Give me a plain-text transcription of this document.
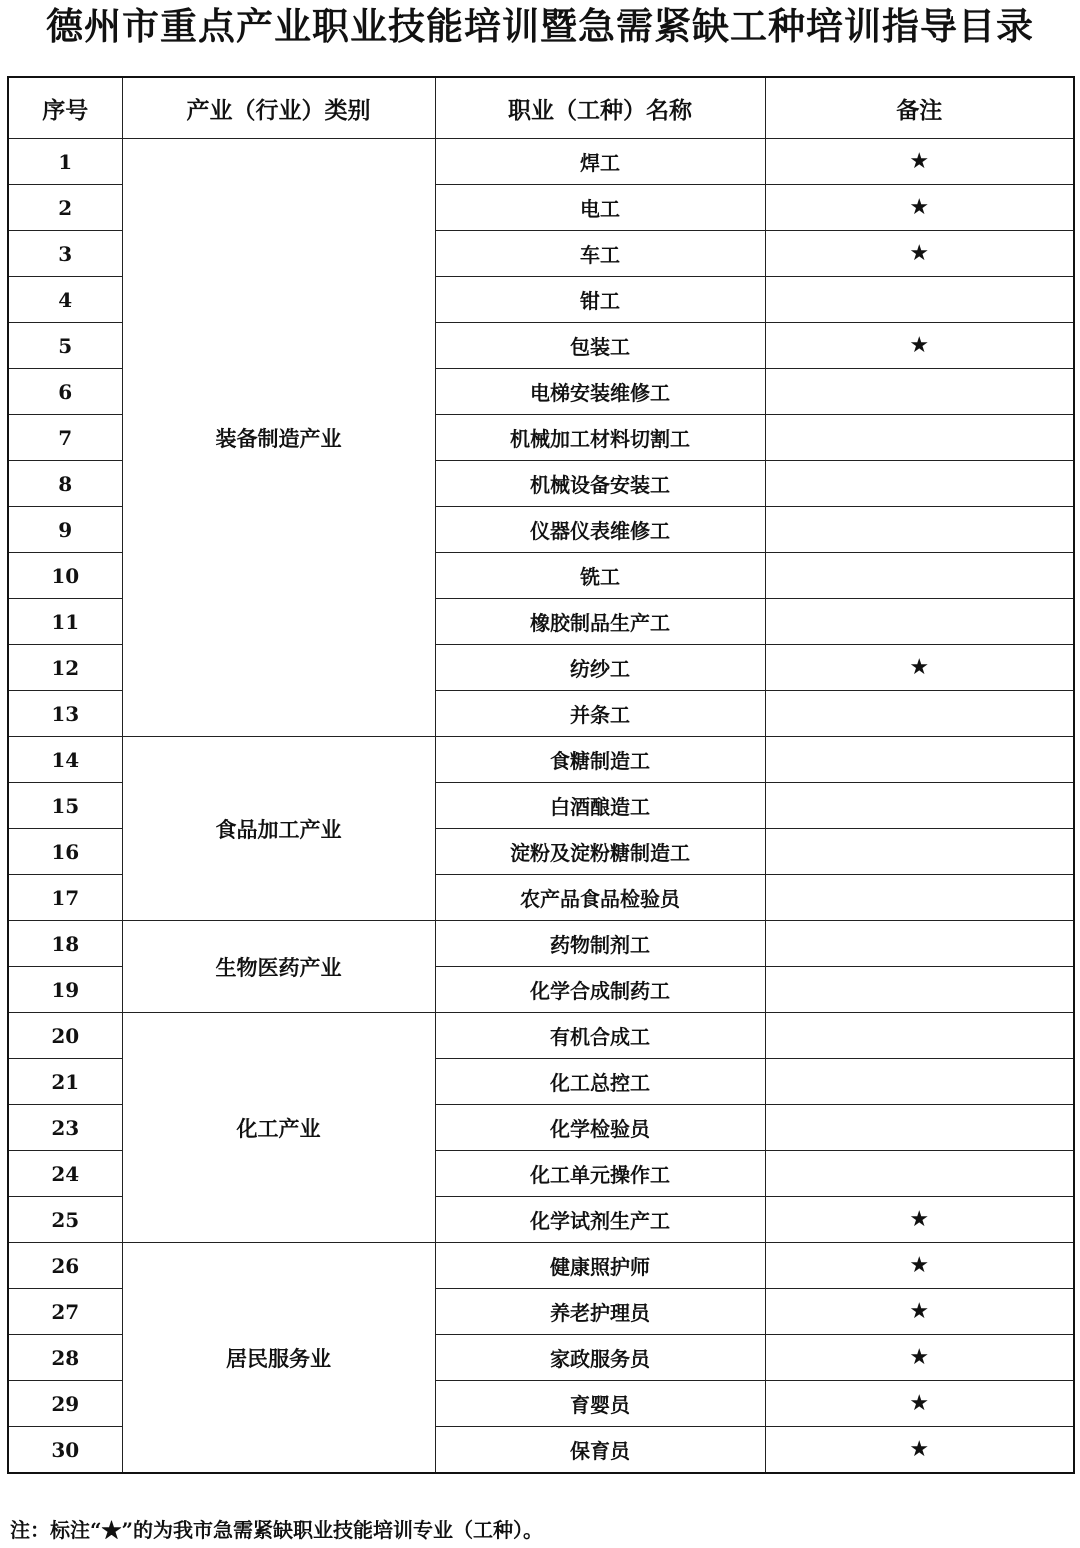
德州市重点产业职业技能培训暨急需紧缺工种培训指导目录
序号	产业（行业）类别	职业（工种）名称	备注
1	装备制造产业	焊工	★
2		电工	★
3		车工	★
4		钳工	
5		包装工	★
6		电梯安装维修工	
7		机械加工材料切割工	
8		机械设备安装工	
9		仪器仪表维修工	
10		铣工	
11		橡胶制品生产工	
12		纺纱工	★
13		并条工	
14	食品加工产业	食糖制造工	
15		白酒酿造工	
16		淀粉及淀粉糖制造工	
17		农产品食品检验员	
18	生物医药产业	药物制剂工	
19		化学合成制药工	
20	化工产业	有机合成工	
21		化工总控工	
23		化学检验员	
24		化工单元操作工	
25		化学试剂生产工	★
26	居民服务业	健康照护师	★
27		养老护理员	★
28		家政服务员	★
29		育婴员	★
30		保育员	★
注：标注“★”的为我市急需紧缺职业技能培训专业（工种）。
